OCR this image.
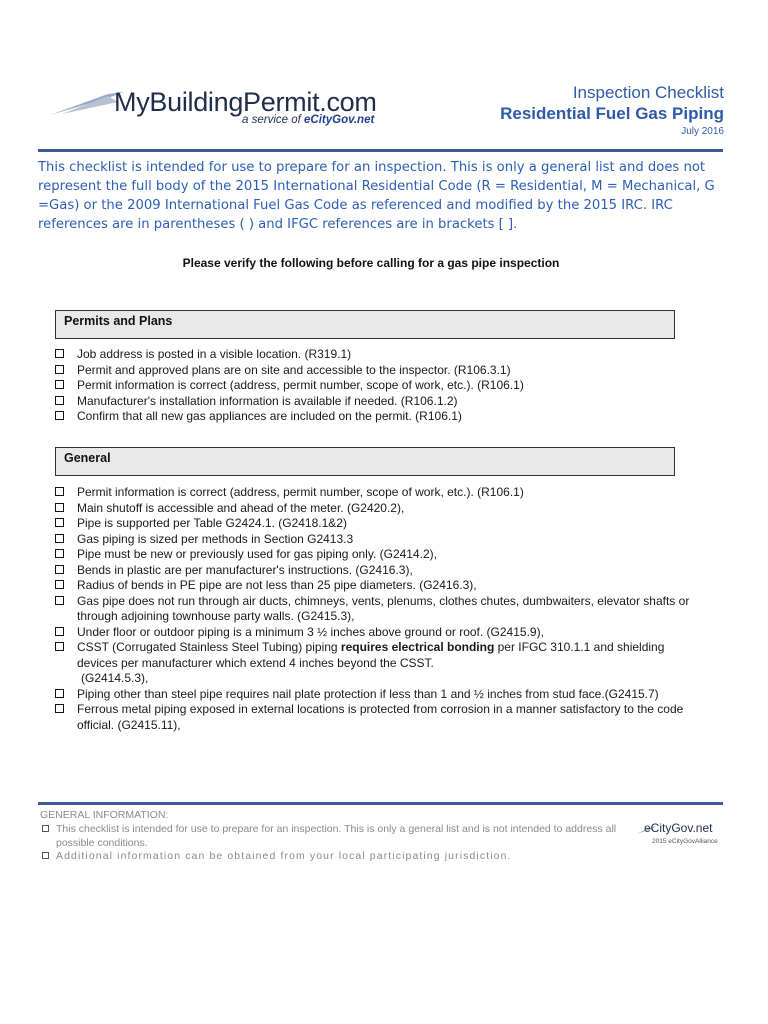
MyBuildingPermit.com
a service of eCityGov.net
Inspection Checklist
Residential Fuel Gas Piping
July 2016
This checklist is intended for use to prepare for an inspection. This is only a general list and does not represent the full body of the 2015 International Residential Code (R = Residential, M = Mechanical, G =Gas) or the 2009 International Fuel Gas Code as referenced and modified by the 2015 IRC. IRC references are in parentheses ( ) and IFGC references are in brackets [ ].
Please verify the following before calling for a gas pipe inspection
Permits and Plans
Job address is posted in a visible location. (R319.1)
Permit and approved plans are on site and accessible to the inspector. (R106.3.1)
Permit information is correct (address, permit number, scope of work, etc.). (R106.1)
Manufacturer's installation information is available if needed. (R106.1.2)
Confirm that all new gas appliances are included on the permit. (R106.1)
General
Permit information is correct (address, permit number, scope of work, etc.). (R106.1)
Main shutoff is accessible and ahead of the meter. (G2420.2),
Pipe is supported per Table G2424.1. (G2418.1&2)
Gas piping is sized per methods in Section G2413.3
Pipe must be new or previously used for gas piping only. (G2414.2),
Bends in plastic are per manufacturer's instructions. (G2416.3),
Radius of bends in PE pipe are not less than 25 pipe diameters. (G2416.3),
Gas pipe does not run through air ducts, chimneys, vents, plenums, clothes chutes, dumbwaiters, elevator shafts or through adjoining townhouse party walls. (G2415.3),
Under floor or outdoor piping is a minimum 3 ½ inches above ground or roof. (G2415.9),
CSST (Corrugated Stainless Steel Tubing) piping requires electrical bonding per IFGC 310.1.1 and shielding devices per manufacturer which extend 4 inches beyond the CSST.
(G2414.5.3),
Piping other than steel pipe requires nail plate protection if less than 1 and ½ inches from stud face.(G2415.7)
Ferrous metal piping exposed in external locations is protected from corrosion in a manner satisfactory to the code official. (G2415.11),
GENERAL INFORMATION:
This checklist is intended for use to prepare for an inspection. This is only a general list and is not intended to address all possible conditions.
Additional information can be obtained from your local participating jurisdiction.
eCityGov.net
2015 eCityGovAlliance
